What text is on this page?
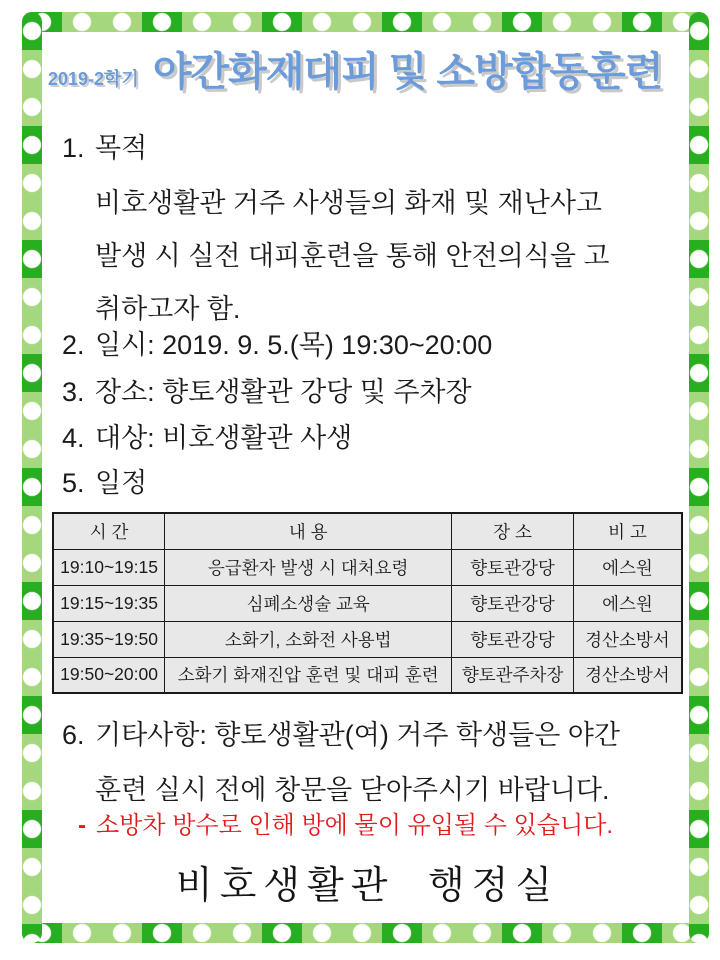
2019-2학기 야간화재대피 및 소방합동훈련
1. 목적
비호생활관 거주 사생들의 화재 및 재난사고
발생 시 실전 대피훈련을 통해 안전의식을 고
취하고자 함.
2. 일시: 2019. 9. 5.(목) 19:30~20:00
3. 장소: 향토생활관 강당 및 주차장
4. 대상: 비호생활관 사생
5. 일정
시 간	내 용	장 소	비 고
19:10~19:15	응급환자 발생 시 대처요령	향토관강당	에스원
19:15~19:35	심폐소생술 교육	향토관강당	에스원
19:35~19:50	소화기, 소화전 사용법	향토관강당	경산소방서
19:50~20:00	소화기 화재진압 훈련 및 대피 훈련	향토관주차장	경산소방서
6. 기타사항: 향토생활관(여) 거주 학생들은 야간
훈련 실시 전에 창문을 닫아주시기 바랍니다.
- 소방차 방수로 인해 방에 물이 유입될 수 있습니다.
비호생활관 행정실
